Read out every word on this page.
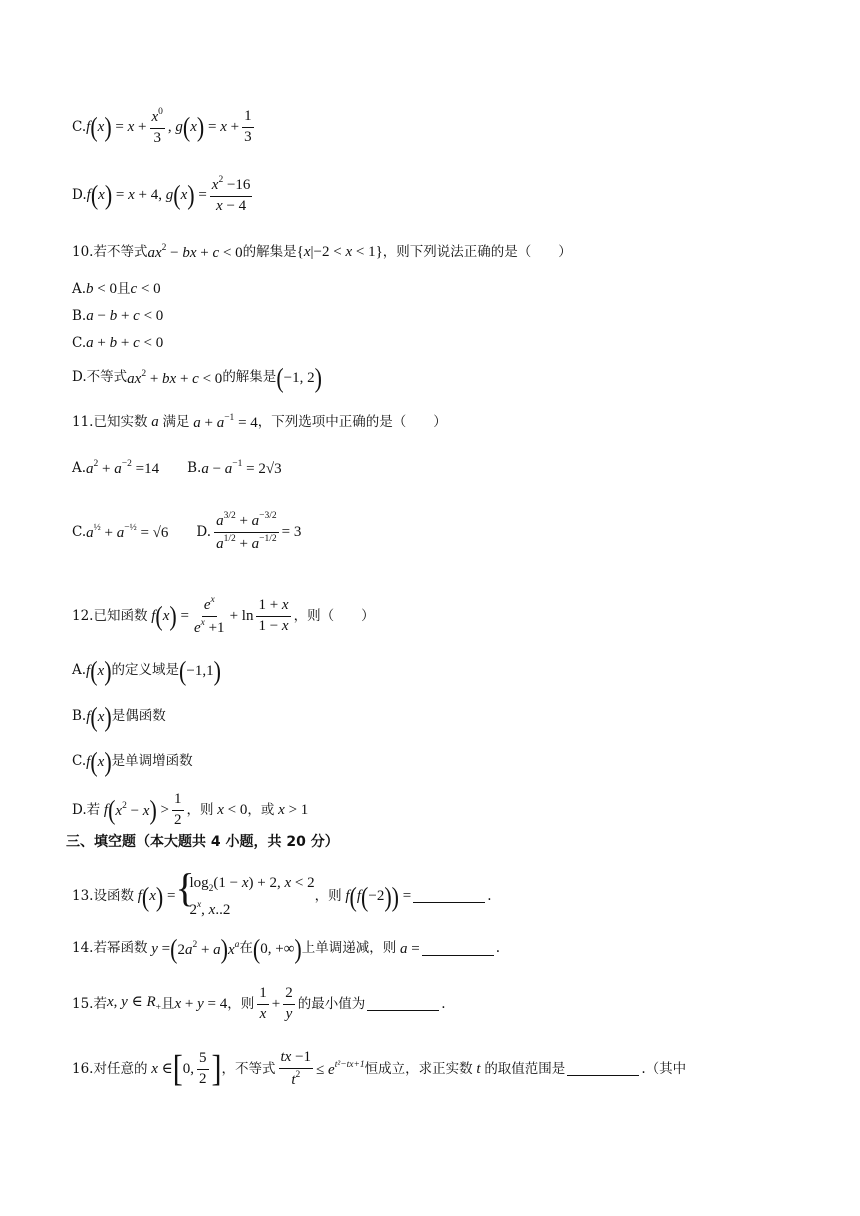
C. f ( x ) = $x + \frac{x^0}{3}$ , g ( x ) = $x + \frac{1}{3}$
D. f ( x ) = x + 4, g ( x ) = $\frac{x^2 -16}{x - 4}$
10.若不等式 $ax^2$ − bx + c < 0 的解集是 {x|−2 < x < 1} ，则下列说法正确的是（　　）
A. b < 0 且 c < 0
B. a − b + c < 0
C. a + b + c < 0
D.不等式 $ax^2$ + bx + c < 0 的解集是 ( −1, 2 )
11.已知实数 a 满足 $a + a^{-1} = 4$ ，下列选项中正确的是（　　）
A. $a^2 + a^{-2} =14$ B. $a - a^{-1} = 2√3$
C. $a^{\frac{1}{2}} + a^{-\frac{1}{2}} = √6$ D. $\frac{a^{3/2} + a^{-3/2}}{a^{1/2} + a^{-1/2}} = 3$
12.已知函数 f ( x ) = $\frac{e^x}{e^x +1} + \ln \frac{1 + x}{1 - x}$ ，则（　　）
A. f ( x ) 的定义域是 ( −1,1 )
B. f ( x ) 是偶函数
C. f ( x ) 是单调增函数
D.若 f ( $x^2 - x$ ) > $\frac{1}{2}$ ，则 x < 0 ，或 x > 1
三、填空题（本大题共 4 小题，共 20 分）
13.设函数 f ( x ) =
{ $\log_2(1 - x) + 2$, x < 2
2$^x$, x..2
，则 f ( f ( −2 )) =	.
14.若幂函数 y = ( $2a^2 + a$ ) $x^a$ 在 ( 0, +∞ ) 上单调递减，则 a =	.
15.若 x, y ∈ $R_+$ 且 x + y = 4 ，则 $\frac{1}{x} + \frac{2}{y}$ 的最小值为	.
16.对任意的 x ∈ [ 0, $\frac{5}{2}$ ] ，不等式 $\frac{tx -1}{t^2} \le e^{t^2-tx+1}$ 恒成立，求正实数 t 的取值范围是	.（其中
